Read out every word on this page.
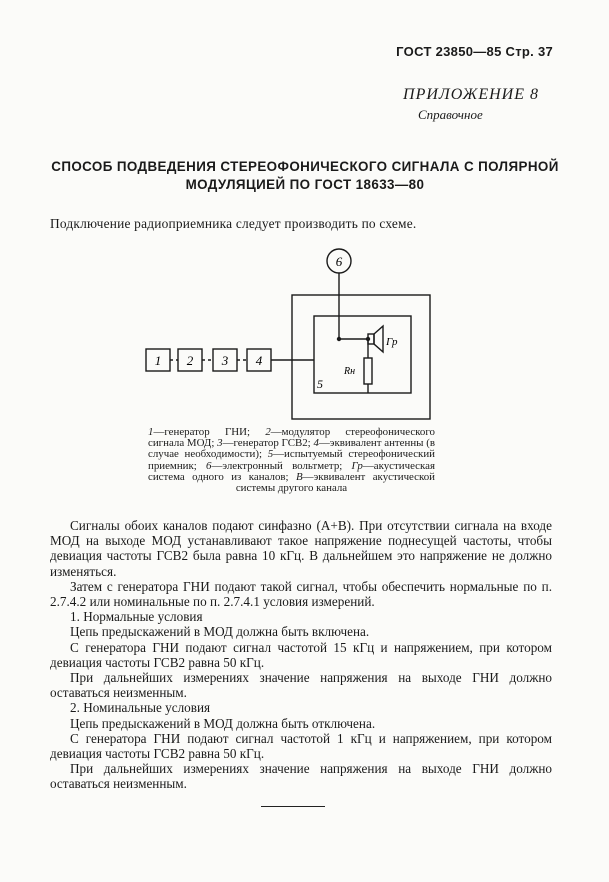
ГОСТ 23850—85 Стр. 37
ПРИЛОЖЕНИЕ 8
Справочное
СПОСОБ ПОДВЕДЕНИЯ СТЕРЕОФОНИЧЕСКОГО СИГНАЛА С ПОЛЯРНОЙ
МОДУЛЯЦИЕЙ ПО ГОСТ 18633—80
Подключение радиоприемника следует производить по схеме.
6
1 2 3 4
5
Гр
Rн
1—генератор ГНИ; 2—модулятор стереофонического сигнала МОД; 3—генератор ГСВ2; 4—эквивалент антенны (в случае необходимости); 5—испытуемый стереофонический приемник; 6—электронный вольтметр; Гр—акустическая система одного из каналов; В—эквивалент акустической системы другого канала

Сигналы обоих каналов подают синфазно (A+B). При отсутствии сигнала на входе МОД на выходе МОД устанавливают такое напряжение поднесущей частоты, чтобы девиация частоты ГСВ2 была равна 10 кГц. В дальнейшем это напряжение не должно изменяться.

Затем с генератора ГНИ подают такой сигнал, чтобы обеспечить нормальные по п. 2.7.4.2 или номинальные по п. 2.7.4.1 условия измерений.

1. Нормальные условия

Цепь предыскажений в МОД должна быть включена.

С генератора ГНИ подают сигнал частотой 15 кГц и напряжением, при котором девиация частоты ГСВ2 равна 50 кГц.

При дальнейших измерениях значение напряжения на выходе ГНИ должно оставаться неизменным.

2. Номинальные условия

Цепь предыскажений в МОД должна быть отключена.

С генератора ГНИ подают сигнал частотой 1 кГц и напряжением, при котором девиация частоты ГСВ2 равна 50 кГц.

При дальнейших измерениях значение напряжения на выходе ГНИ должно оставаться неизменным.
